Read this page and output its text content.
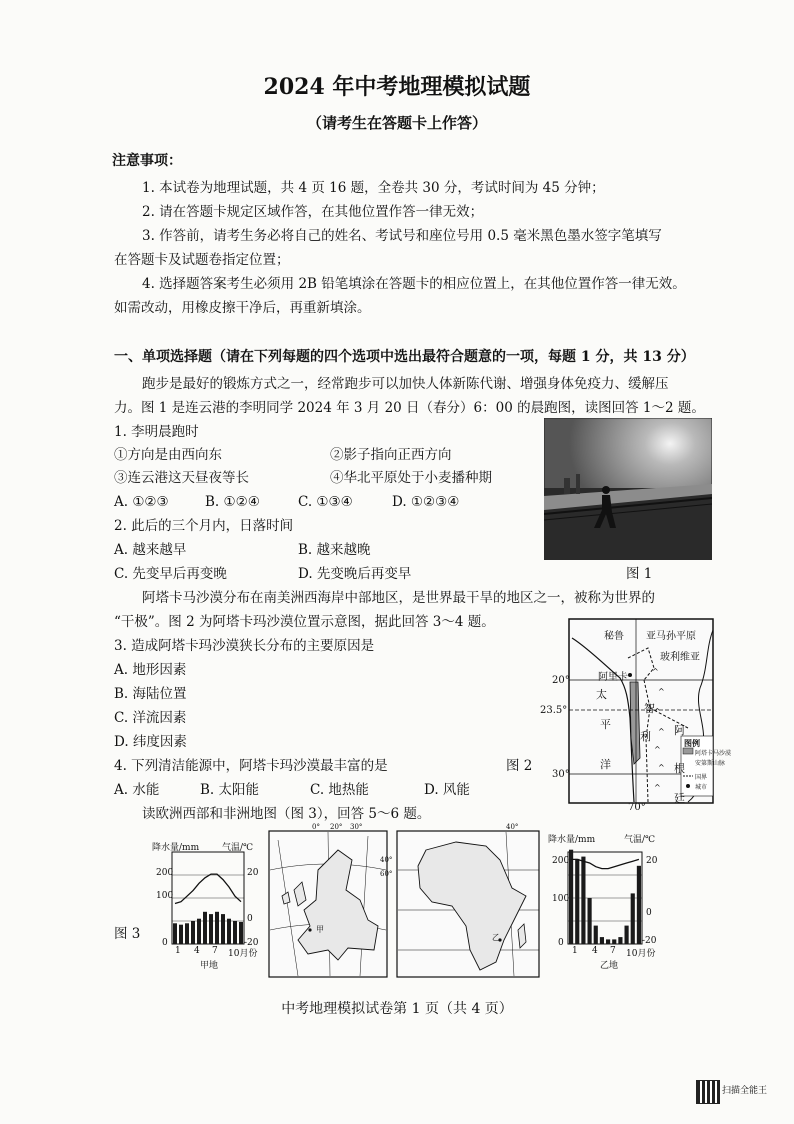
2024 年中考地理模拟试题
（请考生在答题卡上作答）
注意事项：
1. 本试卷为地理试题，共 4 页 16 题，全卷共 30 分，考试时间为 45 分钟；
2. 请在答题卡规定区域作答，在其他位置作答一律无效；
3. 作答前，请考生务必将自己的姓名、考试号和座位号用 0.5 毫米黑色墨水签字笔填写
在答题卡及试题卷指定位置；
4. 选择题答案考生必须用 2B 铅笔填涂在答题卡的相应位置上，在其他位置作答一律无效。
如需改动，用橡皮擦干净后，再重新填涂。
一、单项选择题（请在下列每题的四个选项中选出最符合题意的一项，每题 1 分，共 13 分）
跑步是最好的锻炼方式之一，经常跑步可以加快人体新陈代谢、增强身体免疫力、缓解压
力。图 1 是连云港的李明同学 2024 年 3 月 20 日（春分）6：00 的晨跑图，读图回答 1～2 题。
1. 李明晨跑时
①方向是由西向东	②影子指向正西方向
③连云港这天昼夜等长	④华北平原处于小麦播种期
A. ①②③	B. ①②④	C. ①③④	D. ①②③④
2. 此后的三个月内，日落时间
A. 越来越早	B. 越来越晚
C. 先变早后再变晚	D. 先变晚后再变早	图 1
阿塔卡马沙漠分布在南美洲西海岸中部地区，是世界最干旱的地区之一，被称为世界的
“干极”。图 2 为阿塔卡玛沙漠位置示意图，据此回答 3～4 题。
3. 造成阿塔卡玛沙漠狭长分布的主要原因是
A. 地形因素
B. 海陆位置
C. 洋流因素
D. 纬度因素
4. 下列清洁能源中，阿塔卡玛沙漠最丰富的是
A. 水能	B. 太阳能	C. 地热能	D. 风能
图 2
^
^
^
^
^
^
^
秘鲁 亚马孙平原
玻利维亚
阿里卡
20°
23.5°
30°
70°
太
平
洋
智
利 阿
根
廷
图例
阿塔卡马沙漠
安第斯山脉
国界
城市
读欧洲西部和非洲地图（图 3），回答 5～6 题。
图 3
降水量/mm	气温/℃
200
100
0
20
0
-20
1 4 7 10月份
甲地
0° 20° 30°
60°
甲
40°
40°
乙
降水量/mm	气温/℃
200
100
0
20
0
-20
1 4 7 10月份
乙地
中考地理模拟试卷第 1 页（共 4 页）
扫描全能王
